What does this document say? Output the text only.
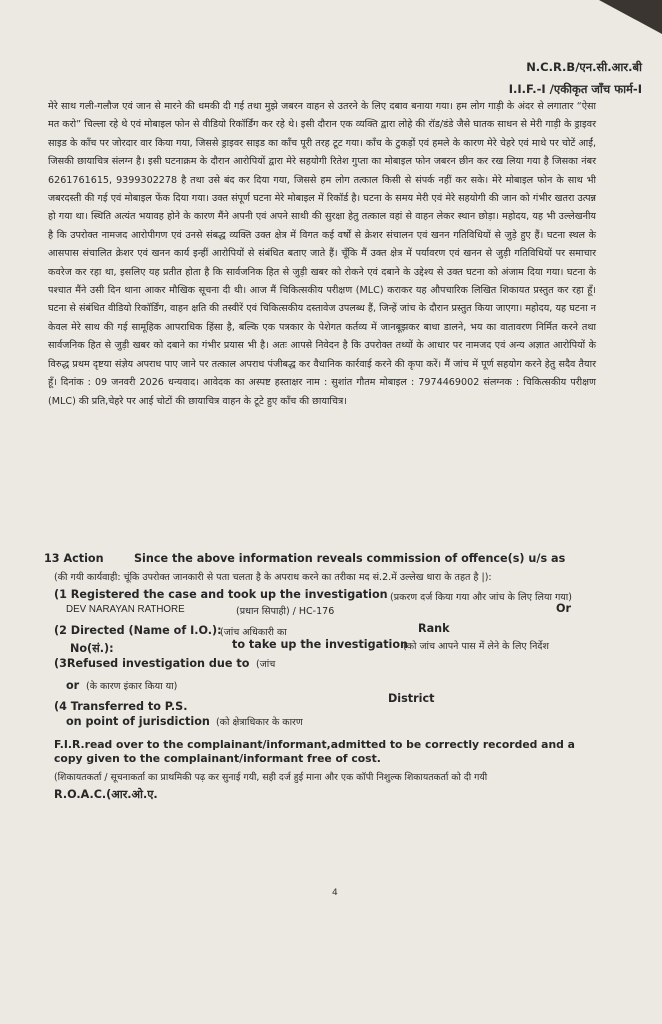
N.C.R.B/एन.सी.आर.बी
I.I.F.-I /एकीकृत जाँच फार्म-I
मेरे साथ गली-गलौज एवं जान से मारने की धमकी दी गई तथा मुझे जबरन वाहन से उतरने के लिए दबाव बनाया गया। हम लोग गाड़ी के अंदर से लगातार “ऐसा मत करो” चिल्ला रहे थे एवं मोबाइल फोन से वीडियो रिकॉर्डिंग कर रहे थे। इसी दौरान एक व्यक्ति द्वारा लोहे की रॉड/डंडे जैसे घातक साधन से मेरी गाड़ी के ड्राइवर साइड के काँच पर जोरदार वार किया गया, जिससे ड्राइवर साइड का काँच पूरी तरह टूट गया। काँच के टुकड़ों एवं हमले के कारण मेरे चेहरे एवं माथे पर चोटें आईं, जिसकी छायाचित्र संलग्न है। इसी घटनाक्रम के दौरान आरोपियों द्वारा मेरे सहयोगी रितेश गुप्ता का मोबाइल फोन जबरन छीन कर रख लिया गया है जिसका नंबर 6261761615, 9399302278 है तथा उसे बंद कर दिया गया, जिससे हम लोग तत्काल किसी से संपर्क नहीं कर सके। मेरे मोबाइल फोन के साथ भी जबरदस्ती की गई एवं मोबाइल फेंक दिया गया। उक्त संपूर्ण घटना मेरे मोबाइल में रिकॉर्ड है। घटना के समय मेरी एवं मेरे सहयोगी की जान को गंभीर खतरा उत्पन्न हो गया था। स्थिति अत्यंत भयावह होने के कारण मैंने अपनी एवं अपने साथी की सुरक्षा हेतु तत्काल वहां से वाहन लेकर स्थान छोड़ा। महोदय, यह भी उल्लेखनीय है कि उपरोक्त नामजद आरोपीगण एवं उनसे संबद्ध व्यक्ति उक्त क्षेत्र में विगत कई वर्षों से क्रेशर संचालन एवं खनन गतिविधियों से जुड़े हुए हैं। घटना स्थल के आसपास संचालित क्रेशर एवं खनन कार्य इन्हीं आरोपियों से संबंधित बताए जाते हैं। चूँकि मैं उक्त क्षेत्र में पर्यावरण एवं खनन से जुड़ी गतिविधियों पर समाचार कवरेज कर रहा था, इसलिए यह प्रतीत होता है कि सार्वजनिक हित से जुड़ी खबर को रोकने एवं दबाने के उद्देश्य से उक्त घटना को अंजाम दिया गया। घटना के पश्चात मैंने उसी दिन थाना आकर मौखिक सूचना दी थी। आज मैं चिकित्सकीय परीक्षण (MLC) कराकर यह औपचारिक लिखित शिकायत प्रस्तुत कर रहा हूँ। घटना से संबंधित वीडियो रिकॉर्डिंग, वाहन क्षति की तस्वीरें एवं चिकित्सकीय दस्तावेज उपलब्ध हैं, जिन्हें जांच के दौरान प्रस्तुत किया जाएगा। महोदय, यह घटना न केवल मेरे साथ की गई सामूहिक आपराधिक हिंसा है, बल्कि एक पत्रकार के पेशेगत कर्तव्य में जानबूझकर बाधा डालने, भय का वातावरण निर्मित करने तथा सार्वजनिक हित से जुड़ी खबर को दबाने का गंभीर प्रयास भी है। अतः आपसे निवेदन है कि उपरोक्त तथ्यों के आधार पर नामजद एवं अन्य अज्ञात आरोपियों के विरुद्ध प्रथम दृष्टया संज्ञेय अपराध पाए जाने पर तत्काल अपराध पंजीबद्ध कर वैधानिक कार्रवाई करने की कृपा करें। मैं जांच में पूर्ण सहयोग करने हेतु सदैव तैयार हूँ। दिनांक : 09 जनवरी 2026 धन्यवाद। आवेदक का अस्पष्ट हस्ताक्षर नाम : सुशांत गौतम मोबाइल : 7974469002 संलग्नक : चिकित्सकीय परीक्षण (MLC) की प्रति,चेहरे पर आई चोटों की छायाचित्र वाहन के टूटे हुए काँच की छायाचित्र।
13 Action	Since the above information reveals commission of offence(s) u/s as
(की गयी कार्यवाही: चूंकि उपरोक्त जानकारी से पता चलता है के अपराध करने का तरीका मद सं.2.में उल्लेख धारा के तहत है |):
(1 Registered the case and took up the investigation (प्रकरण दर्ज किया गया और जांच के लिए लिया गया)
DEV NARAYAN RATHORE	(प्रधान सिपाही) / HC-176	Or
(2 Directed (Name of I.O.):
(जांच अधिकारी का	Rank
No(सं.):	to take up the investigation
(को जांच आपने पास में लेने के लिए निर्देश
(3Refused investigation due to (जांच
or (के कारण इंकार किया या)
District
(4 Transferred to P.S.
on point of jurisdiction (को क्षेत्राधिकार के कारण
F.I.R.read over to the complainant/informant,admitted to be correctly recorded and a
copy given to the complainant/informant free of cost.
(शिकायतकर्ता / सूचनाकर्ता का प्राथमिकी पढ़ कर सुनाई गयी, सही दर्ज हुई माना और एक कॉपी निशुल्क शिकायतकर्ता को दी गयी
R.O.A.C.(आर.ओ.ए.
4
